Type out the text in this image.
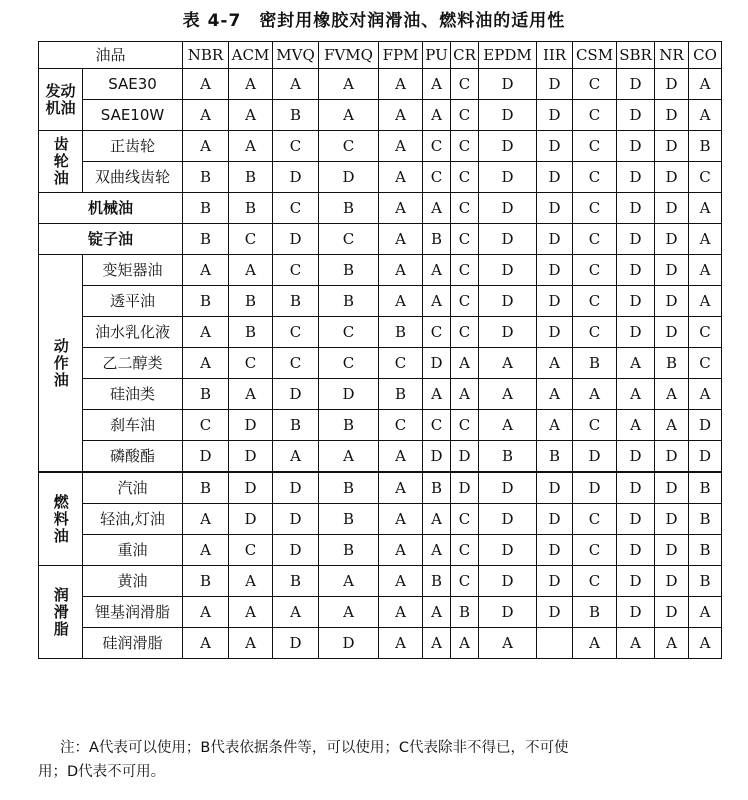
表 4-7 密封用橡胶对润滑油、燃料油的适用性
油品		NBR	ACM	MVQ	FVMQ	FPM	PU	CR	EPDM	IIR	CSM	SBR	NR	CO
发动机油	SAE30	A	A	A	A	A	A	C	D	D	C	D	D	A
	SAE10W	A	A	B	A	A	A	C	D	D	C	D	D	A
齿轮油	正齿轮	A	A	C	C	A	C	C	D	D	C	D	D	B
	双曲线齿轮	B	B	D	D	A	C	C	D	D	C	D	D	C
机械油		B	B	C	B	A	A	C	D	D	C	D	D	A
锭子油		B	C	D	C	A	B	C	D	D	C	D	D	A
动作油	变矩器油	A	A	C	B	A	A	C	D	D	C	D	D	A
	透平油	B	B	B	B	A	A	C	D	D	C	D	D	A
	油水乳化液	A	B	C	C	B	C	C	D	D	C	D	D	C
	乙二醇类	A	C	C	C	C	D	A	A	A	B	A	B	C
	硅油类	B	A	D	D	B	A	A	A	A	A	A	A	A
	刹车油	C	D	B	B	C	C	C	A	A	C	A	A	D
	磷酸酯	D	D	A	A	A	D	D	B	B	D	D	D	D
燃料油	汽油	B	D	D	B	A	B	D	D	D	D	D	D	B
	轻油,灯油	A	D	D	B	A	A	C	D	D	C	D	D	B
	重油	A	C	D	B	A	A	C	D	D	C	D	D	B
润滑脂	黄油	B	A	B	A	A	B	C	D	D	C	D	D	B
	锂基润滑脂	A	A	A	A	A	A	B	D	D	B	D	D	A
	硅润滑脂	A	A	D	D	A	A	A	A		A	A	A	A
注：A代表可以使用；B代表依据条件等，可以使用；C代表除非不得已，不可使
用；D代表不可用。
